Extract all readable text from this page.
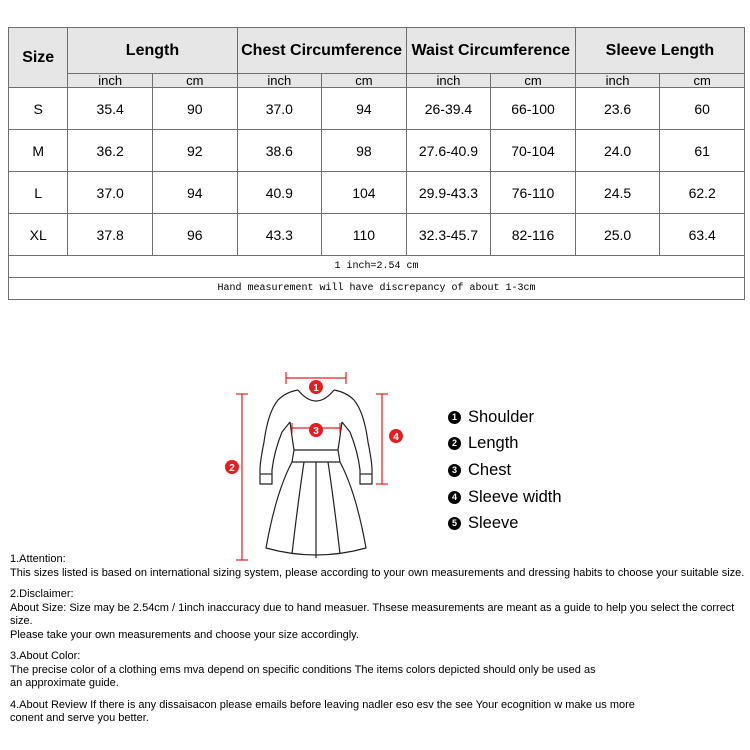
Size	Length		Chest Circumference		Waist Circumference		Sleeve Length	
	inch	cm	inch	cm	inch	cm	inch	cm
S	35.4	90	37.0	94	26-39.4	66-100	23.6	60
M	36.2	92	38.6	98	27.6-40.9	70-104	24.0	61
L	37.0	94	40.9	104	29.9-43.3	76-110	24.5	62.2
XL	37.8	96	43.3	110	32.3-45.7	82-116	25.0	63.4
1 inch=2.54 cm								
Hand measurement will have discrepancy of about 1-3cm								
1
2
3
4
1 Shoulder
2 Length
3 Chest
4 Sleeve width
5 Sleeve

1.Attention:

This sizes listed is based on international sizing system, please according to your own measurements and dressing habits to choose your suitable size.

2.Disclaimer:

About Size: Size may be 2.54cm / 1inch inaccuracy due to hand measuer. Thsese measurements are meant as a guide to help you select the correct size.

Please take your own measurements and choose your size accordingly.

3.About Color:

The precise color of a clothing ems mva depend on specific conditions The items colors depicted should only be used as

an approximate guide.

4.About Review If there is any dissaisacon please emails before leaving nadler eso esv the see Your ecognition w make us more

conent and serve you better.
